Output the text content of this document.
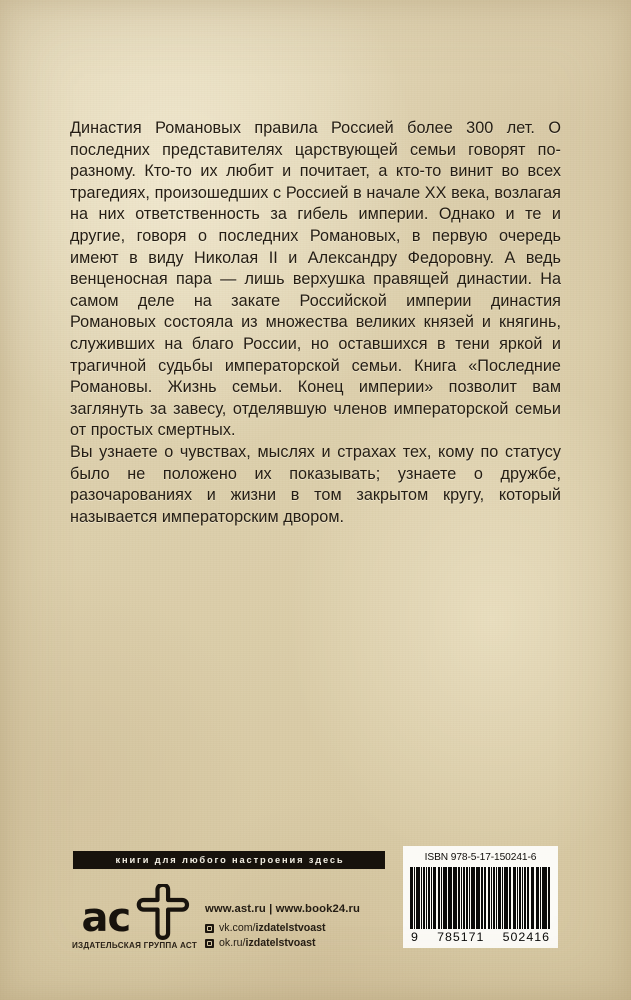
Династия Романовых правила Россией более 300 лет. О последних представителях царствующей семьи говорят по-разному. Кто-то их любит и почитает, а кто-то винит во всех трагедиях, произошедших с Россией в начале XX века, возлагая на них ответственность за гибель империи. Однако и те и другие, говоря о последних Романовых, в первую очередь имеют в виду Николая II и Александру Федоровну. А ведь венценосная пара — лишь верхушка правящей династии. На самом деле на закате Российской империи династия Романовых состояла из множества великих князей и княгинь, служивших на благо России, но оставшихся в тени яркой и трагичной судьбы императорской семьи. Книга «Последние Романовы. Жизнь семьи. Конец империи» позволит вам заглянуть за завесу, отделявшую членов императорской семьи от простых смертных.

Вы узнаете о чувствах, мыслях и страхах тех, кому по статусу было не положено их показывать; узнаете о дружбе, разочарованиях и жизни в том закрытом кругу, который называется императорским двором.

книги для любого настроения здесь
ac
ИЗДАТЕЛЬСКАЯ ГРУППА АСТ
www.ast.ru | www.book24.ru
vk.com/ izdatelstvoast
ok.ru/ izdatelstvoast
ISBN 978-5-17-150241-6
9 785171 502416
